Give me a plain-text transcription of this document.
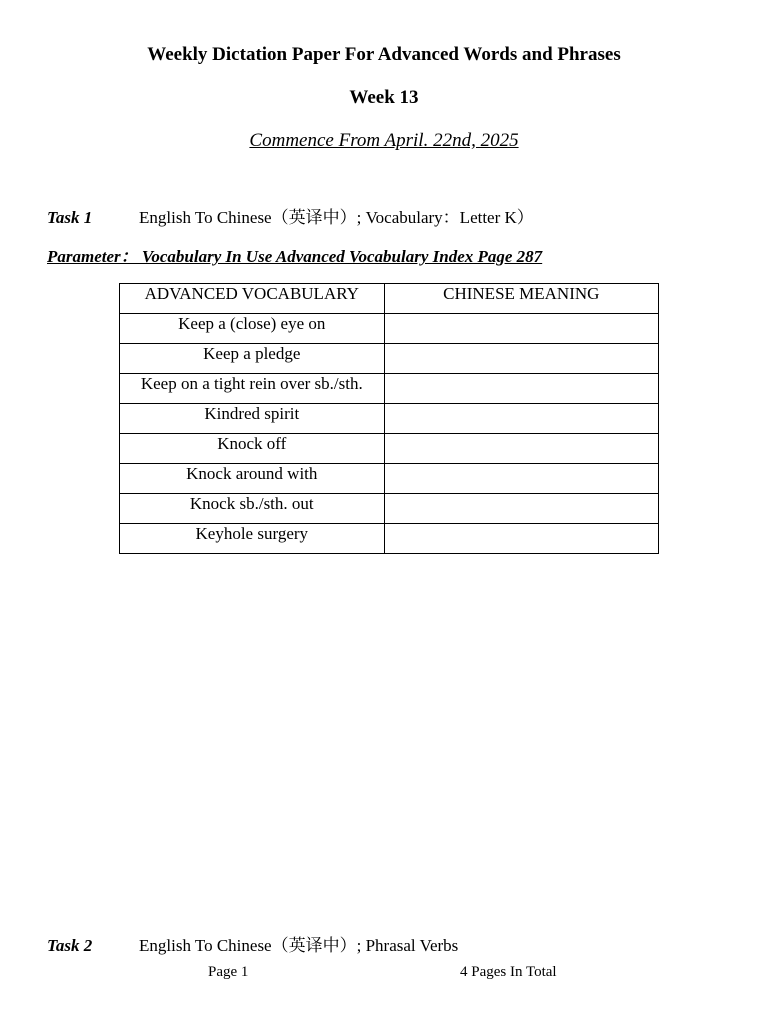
Weekly Dictation Paper For Advanced Words and Phrases
Week 13
Commence From April. 22nd, 2025
Task 1	English To Chinese（英译中）; Vocabulary：Letter K）
Parameter： Vocabulary In Use Advanced Vocabulary Index Page 287
ADVANCED VOCABULARY	CHINESE MEANING
Keep a (close) eye on	
Keep a pledge	
Keep on a tight rein over sb./sth.	
Kindred spirit	
Knock off	
Knock around with	
Knock sb./sth. out	
Keyhole surgery	
Task 2	English To Chinese（英译中）; Phrasal Verbs
Page 1	4 Pages In Total
